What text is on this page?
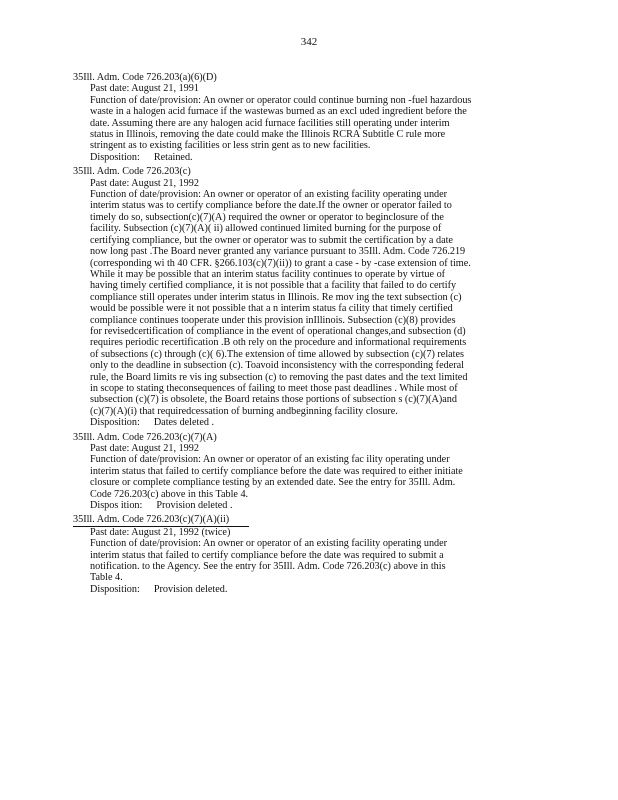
342
35Ill. Adm. Code 726.203(a)(6)(D)
Past date: August 21, 1991
Function of date/provision: An owner or operator could continue burning non -fuel hazardous
waste in a halogen acid furnace if the wastewas burned as an excl uded ingredient before the
date. Assuming there are any halogen acid furnace facilities still operating under interim
status in Illinois, removing the date could make the Illinois RCRA Subtitle C rule more
stringent as to existing facilities or less strin gent as to new facilities.
Disposition: Retained.
35Ill. Adm. Code 726.203(c)
Past date: August 21, 1992
Function of date/provision: An owner or operator of an existing facility operating under
interim status was to certify compliance before the date.If the owner or operator failed to
timely do so, subsection(c)(7)(A) required the owner or operator to beginclosure of the
facility. Subsection (c)(7)(A)( ii) allowed continued limited burning for the purpose of
certifying compliance, but the owner or operator was to submit the certification by a date
now long past .The Board never granted any variance pursuant to 35Ill. Adm. Code 726.219
(corresponding wi th 40 CFR. §266.103(c)(7)(ii)) to grant a case - by -case extension of time.
While it may be possible that an interim status facility continues to operate by virtue of
having timely certified compliance, it is not possible that a facility that failed to do certify
compliance still operates under interim status in Illinois. Re mov ing the text subsection (c)
would be possible were it not possible that a n interim status fa cility that timely certified
compliance continues tooperate under this provision inIllinois. Subsection (c)(8) provides
for revisedcertification of compliance in the event of operational changes,and subsection (d)
requires periodic recertification .B oth rely on the procedure and informational requirements
of subsections (c) through (c)( 6).The extension of time allowed by subsection (c)(7) relates
only to the deadline in subsection (c). Toavoid inconsistency with the corresponding federal
rule, the Board limits re vis ing subsection (c) to removing the past dates and the text limited
in scope to stating theconsequences of failing to meet those past deadlines . While most of
subsection (c)(7) is obsolete, the Board retains those portions of subsection s (c)(7)(A)and
(c)(7)(A)(i) that requiredcessation of burning andbeginning facility closure.
Disposition: Dates deleted .
35Ill. Adm. Code 726.203(c)(7)(A)
Past date: August 21, 1992
Function of date/provision: An owner or operator of an existing fac ility operating under
interim status that failed to certify compliance before the date was required to either initiate
closure or complete compliance testing by an extended date. See the entry for 35Ill. Adm.
Code 726.203(c) above in this Table 4.
Dispos ition: Provision deleted .
35Ill. Adm. Code 726.203(c)(7)(A)(ii)
Past date: August 21, 1992 (twice)
Function of date/provision: An owner or operator of an existing facility operating under
interim status that failed to certify compliance before the date was required to submit a
notification. to the Agency. See the entry for 35Ill. Adm. Code 726.203(c) above in this
Table 4.
Disposition: Provision deleted.
